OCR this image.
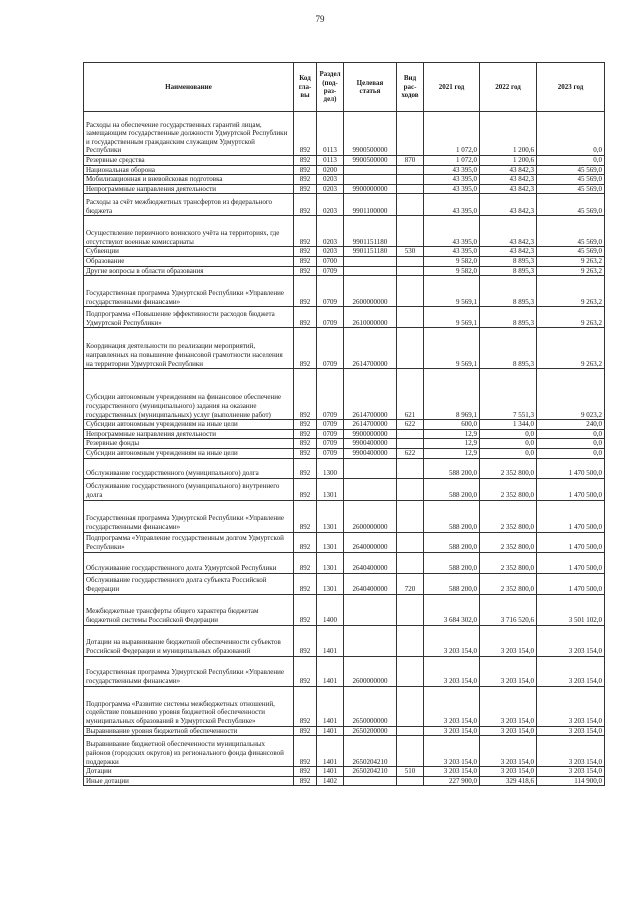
79
Наименование	Код гла- вы	Раздел (под- раз- дел)	Целевая статья	Вид рас- ходов	2021 год	2022 год	2023 год
Расходы на обеспечение государственных гарантий лицам, замещающим государственные должности Удмуртской Республики и государственным гражданским служащим Удмуртской Республики	892	0113	9900500000		1 072,0	1 200,6	0,0
Резервные средства	892	0113	9900500000	870	1 072,0	1 200,6	0,0
Национальная оборона	892	0200			43 395,0	43 842,3	45 569,0
Мобилизационная и вневойсковая подготовка	892	0203			43 395,0	43 842,3	45 569,0
Непрограммные направления деятельности	892	0203	9900000000		43 395,0	43 842,3	45 569,0
Расходы за счёт межбюджетных трансфертов из федерального бюджета	892	0203	9901100000		43 395,0	43 842,3	45 569,0
Осуществление первичного воинского учёта на территориях, где отсутствуют военные комиссариаты	892	0203	9901151180		43 395,0	43 842,3	45 569,0
Субвенции	892	0203	9901151180	530	43 395,0	43 842,3	45 569,0
Образование	892	0700			9 582,0	8 895,3	9 263,2
Другие вопросы в области образования	892	0709			9 582,0	8 895,3	9 263,2
Государственная программа Удмуртской Республики «Управление государственными финансами»	892	0709	2600000000		9 569,1	8 895,3	9 263,2
Подпрограмма «Повышение эффективности расходов бюджета Удмуртской Республики»	892	0709	2610000000		9 569,1	8 895,3	9 263,2
Координация деятельности по реализации мероприятий, направленных на повышение финансовой грамотности населения на территории Удмуртской Республики	892	0709	2614700000		9 569,1	8 895,3	9 263,2
Субсидии автономным учреждениям на финансовое обеспечение государственного (муниципального) задания на оказание государственных (муниципальных) услуг (выполнение работ)	892	0709	2614700000	621	8 969,1	7 551,3	9 023,2
Субсидии автономным учреждениям на иные цели	892	0709	2614700000	622	600,0	1 344,0	240,0
Непрограммные направления деятельности	892	0709	9900000000		12,9	0,0	0,0
Резервные фонды	892	0709	9900400000		12,9	0,0	0,0
Субсидии автономным учреждениям на иные цели	892	0709	9900400000	622	12,9	0,0	0,0
Обслуживание государственного (муниципального) долга	892	1300			588 200,0	2 352 800,0	1 470 500,0
Обслуживание государственного (муниципального) внутреннего долга	892	1301			588 200,0	2 352 800,0	1 470 500,0
Государственная программа Удмуртской Республики «Управление государственными финансами»	892	1301	2600000000		588 200,0	2 352 800,0	1 470 500,0
Подпрограмма «Управление государственным долгом Удмуртской Республики»	892	1301	2640000000		588 200,0	2 352 800,0	1 470 500,0
Обслуживание государственного долга Удмуртской Республики	892	1301	2640400000		588 200,0	2 352 800,0	1 470 500,0
Обслуживание государственного долга субъекта Российской Федерации	892	1301	2640400000	720	588 200,0	2 352 800,0	1 470 500,0
Межбюджетные трансферты общего характера бюджетам бюджетной системы Российской Федерации	892	1400			3 684 302,0	3 716 520,6	3 501 102,0
Дотации на выравнивание бюджетной обеспеченности субъектов Российской Федерации и муниципальных образований	892	1401			3 203 154,0	3 203 154,0	3 203 154,0
Государственная программа Удмуртской Республики «Управление государственными финансами»	892	1401	2600000000		3 203 154,0	3 203 154,0	3 203 154,0
Подпрограмма «Развитие системы межбюджетных отношений, содействие повышению уровня бюджетной обеспеченности муниципальных образований в Удмуртской Республике»	892	1401	2650000000		3 203 154,0	3 203 154,0	3 203 154,0
Выравнивание уровня бюджетной обеспеченности	892	1401	2650200000		3 203 154,0	3 203 154,0	3 203 154,0
Выравнивание бюджетной обеспеченности муниципальных районов (городских округов) из регионального фонда финансовой поддержки	892	1401	2650204210		3 203 154,0	3 203 154,0	3 203 154,0
Дотации	892	1401	2650204210	510	3 203 154,0	3 203 154,0	3 203 154,0
Иные дотации	892	1402			227 900,0	329 418,6	114 900,0
